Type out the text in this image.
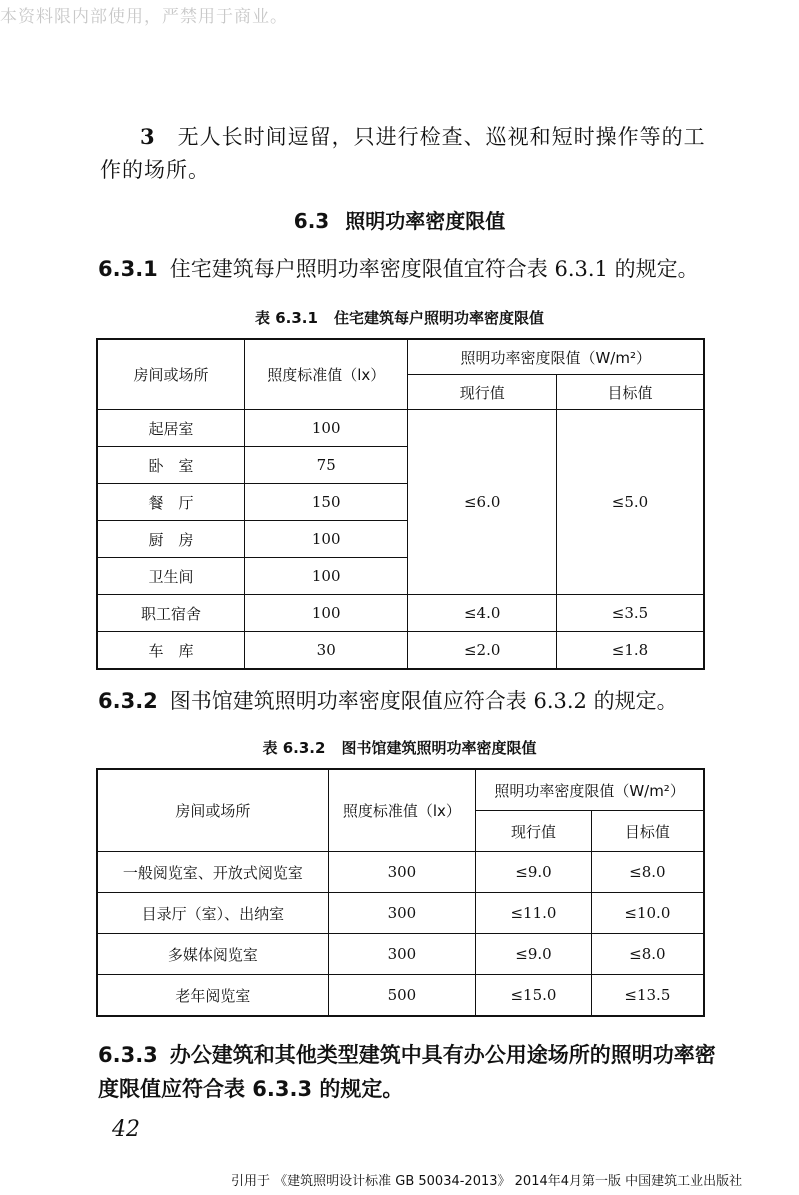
本资料限内部使用，严禁用于商业。

3　 无人长时间逗留，只进行检查、巡视和短时操作等的工作的场所。

6.3 照明功率密度限值
6.3.1 住宅建筑每户照明功率密度限值宜符合表 6.3.1 的规定。
表 6.3.1 住宅建筑每户照明功率密度限值
房间或场所	照度标准值（lx）	照明功率密度限值（W/m²）	
		现行值	目标值
起居室	100	≤6.0	≤5.0
卧　室	75		
餐　厅	150		
厨　房	100		
卫生间	100		
职工宿舍	100	≤4.0	≤3.5
车　库	30	≤2.0	≤1.8
6.3.2 图书馆建筑照明功率密度限值应符合表 6.3.2 的规定。
表 6.3.2 图书馆建筑照明功率密度限值
房间或场所	照度标准值（lx）	照明功率密度限值（W/m²）	
		现行值	目标值
一般阅览室、开放式阅览室	300	≤9.0	≤8.0
目录厅（室）、出纳室	300	≤11.0	≤10.0
多媒体阅览室	300	≤9.0	≤8.0
老年阅览室	500	≤15.0	≤13.5
6.3.3 办公建筑和其他类型建筑中具有办公用途场所的照明功率密度限值应符合表 6.3.3 的规定。
42
引用于 《建筑照明设计标准 GB 50034-2013》 2014年4月第一版 中国建筑工业出版社
